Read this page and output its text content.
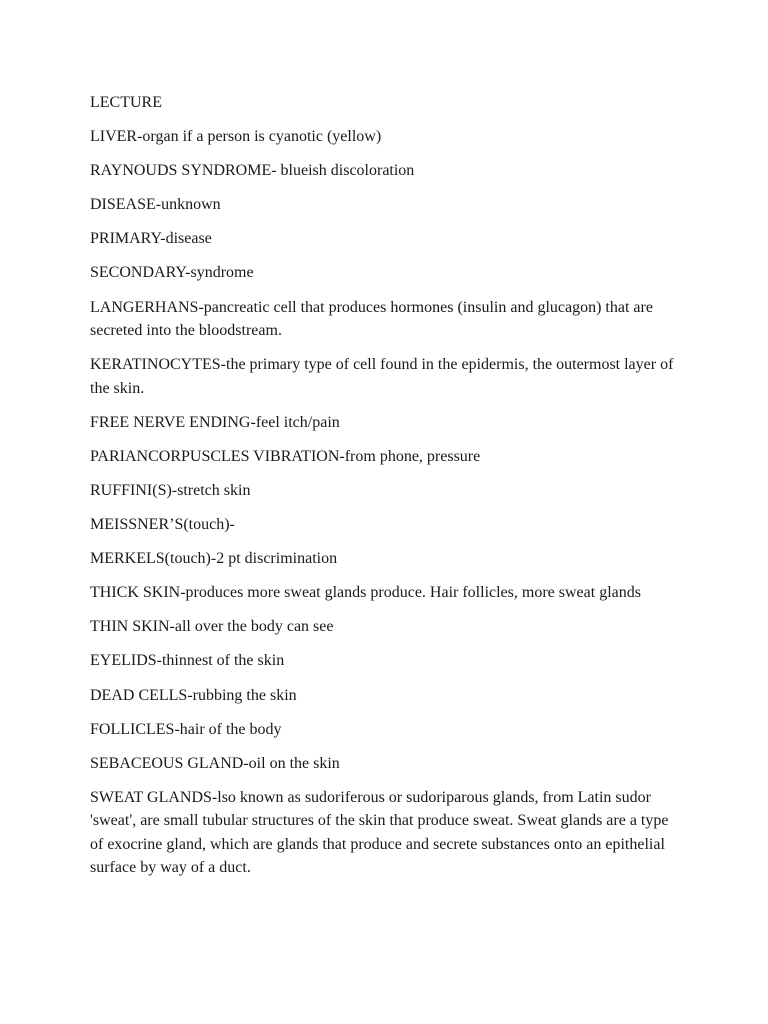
LECTURE

LIVER-organ if a person is cyanotic (yellow)

RAYNOUDS SYNDROME- blueish discoloration

DISEASE-unknown

PRIMARY-disease

SECONDARY-syndrome

LANGERHANS-pancreatic cell that produces hormones (insulin and glucagon) that are secreted into the bloodstream.

KERATINOCYTES-the primary type of cell found in the epidermis, the outermost layer of the skin.

FREE NERVE ENDING-feel itch/pain

PARIANCORPUSCLES VIBRATION-from phone, pressure

RUFFINI(S)-stretch skin

MEISSNER’S(touch)-

MERKELS(touch)-2 pt discrimination

THICK SKIN-produces more sweat glands produce. Hair follicles, more sweat glands

THIN SKIN-all over the body can see

EYELIDS-thinnest of the skin

DEAD CELLS-rubbing the skin

FOLLICLES-hair of the body

SEBACEOUS GLAND-oil on the skin

SWEAT GLANDS-lso known as sudoriferous or sudoriparous glands, from Latin sudor 'sweat', are small tubular structures of the skin that produce sweat. Sweat glands are a type of exocrine gland, which are glands that produce and secrete substances onto an epithelial surface by way of a duct.
